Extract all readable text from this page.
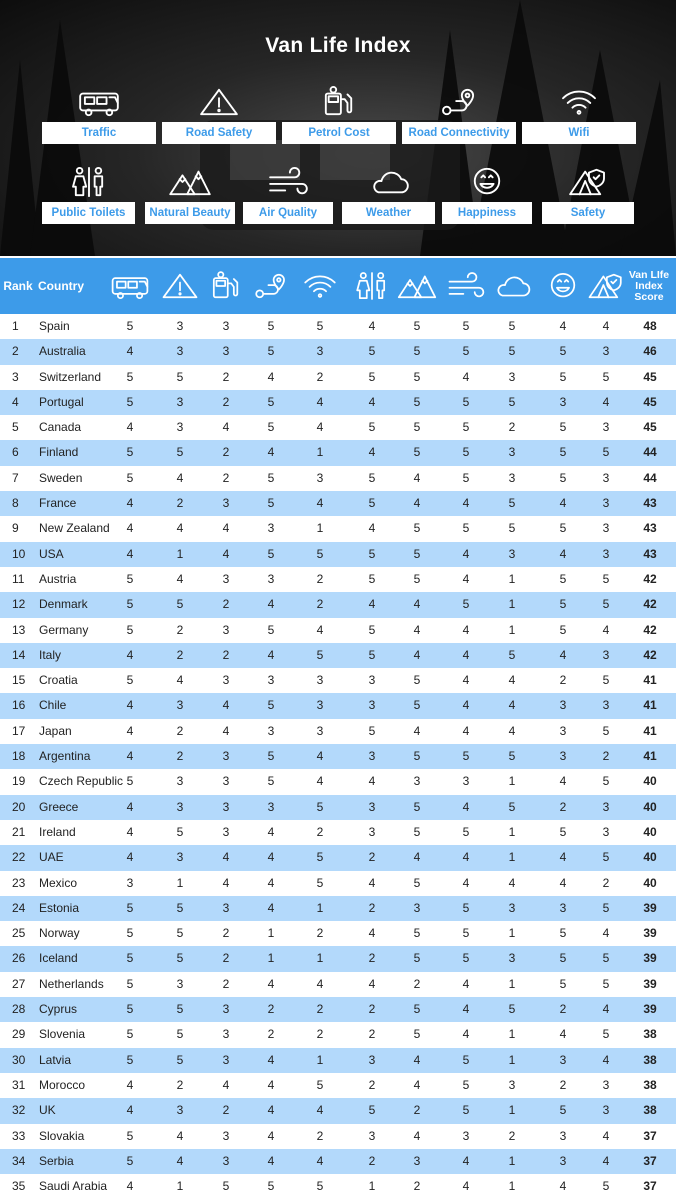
Van Life Index
Traffic	Road Safety	Petrol Cost	Road Connectivity	Wifi
Public Toilets	Natural Beauty	Air Quality	Weather	Happiness	Safety
Rank Country
Van LIfe Index Score
1 Spain	5	3	3	5	5	4	5	5	5	4	4	48
2 Australia	4	3	3	5	3	5	5	5	5	5	3	46
3 Switzerland	5	5	2	4	2	5	5	4	3	5	5	45
4 Portugal	5	3	2	5	4	4	5	5	5	3	4	45
5 Canada	4	3	4	5	4	5	5	5	2	5	3	45
6 Finland	5	5	2	4	1	4	5	5	3	5	5	44
7 Sweden	5	4	2	5	3	5	4	5	3	5	3	44
8 France	4	2	3	5	4	5	4	4	5	4	3	43
9 New Zealand	4	4	4	3	1	4	5	5	5	5	3	43
10 USA	4	1	4	5	5	5	5	4	3	4	3	43
11 Austria	5	4	3	3	2	5	5	4	1	5	5	42
12 Denmark	5	5	2	4	2	4	4	5	1	5	5	42
13 Germany	5	2	3	5	4	5	4	4	1	5	4	42
14 Italy	4	2	2	4	5	5	4	4	5	4	3	42
15 Croatia	5	4	3	3	3	3	5	4	4	2	5	41
16 Chile	4	3	4	5	3	3	5	4	4	3	3	41
17 Japan	4	2	4	3	3	5	4	4	4	3	5	41
18 Argentina	4	2	3	5	4	3	5	5	5	3	2	41
19 Czech Republic 5	3	3	5	4	4	3	3	1	4	5	40
20 Greece	4	3	3	3	5	3	5	4	5	2	3	40
21 Ireland	4	5	3	4	2	3	5	5	1	5	3	40
22 UAE	4	3	4	4	5	2	4	4	1	4	5	40
23 Mexico	3	1	4	4	5	4	5	4	4	4	2	40
24 Estonia	5	5	3	4	1	2	3	5	3	3	5	39
25 Norway	5	5	2	1	2	4	5	5	1	5	4	39
26 Iceland	5	5	2	1	1	2	5	5	3	5	5	39
27 Netherlands	5	3	2	4	4	4	2	4	1	5	5	39
28 Cyprus	5	5	3	2	2	2	5	4	5	2	4	39
29 Slovenia	5	5	3	2	2	2	5	4	1	4	5	38
30 Latvia	5	5	3	4	1	3	4	5	1	3	4	38
31 Morocco	4	2	4	4	5	2	4	5	3	2	3	38
32 UK	4	3	2	4	4	5	2	5	1	5	3	38
33 Slovakia	5	4	3	4	2	3	4	3	2	3	4	37
34 Serbia	5	4	3	4	4	2	3	4	1	3	4	37
35 Saudi Arabia	4	1	5	5	5	1	2	4	1	4	5	37
